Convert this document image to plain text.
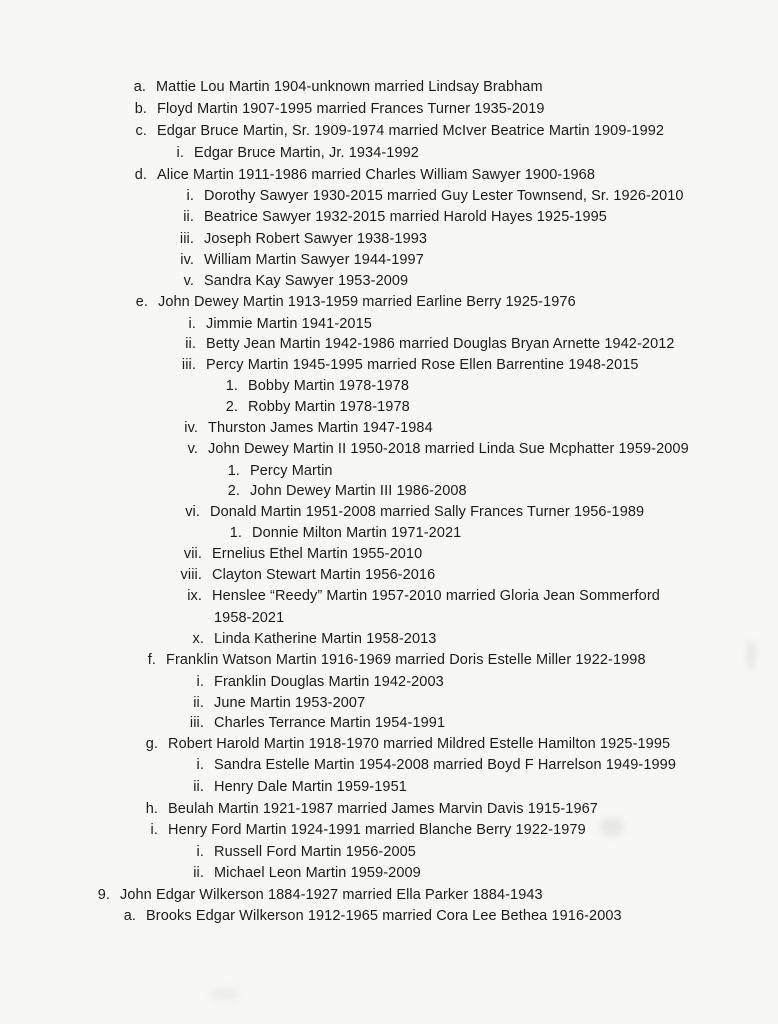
a. Mattie Lou Martin 1904-unknown married Lindsay Brabham
b. Floyd Martin 1907-1995 married Frances Turner 1935-2019
c. Edgar Bruce Martin, Sr. 1909-1974 married McIver Beatrice Martin 1909-1992
i. Edgar Bruce Martin, Jr. 1934-1992
d. Alice Martin 1911-1986 married Charles William Sawyer 1900-1968
i. Dorothy Sawyer 1930-2015 married Guy Lester Townsend, Sr. 1926-2010
ii. Beatrice Sawyer 1932-2015 married Harold Hayes 1925-1995
iii. Joseph Robert Sawyer 1938-1993
iv. William Martin Sawyer 1944-1997
v. Sandra Kay Sawyer 1953-2009
e. John Dewey Martin 1913-1959 married Earline Berry 1925-1976
i. Jimmie Martin 1941-2015
ii. Betty Jean Martin 1942-1986 married Douglas Bryan Arnette 1942-2012
iii. Percy Martin 1945-1995 married Rose Ellen Barrentine 1948-2015
1. Bobby Martin 1978-1978
2. Robby Martin 1978-1978
iv. Thurston James Martin 1947-1984
v. John Dewey Martin II 1950-2018 married Linda Sue Mcphatter 1959-2009
1. Percy Martin
2. John Dewey Martin III 1986-2008
vi. Donald Martin 1951-2008 married Sally Frances Turner 1956-1989
1. Donnie Milton Martin 1971-2021
vii. Ernelius Ethel Martin 1955-2010
viii. Clayton Stewart Martin 1956-2016
ix. Henslee “Reedy” Martin 1957-2010 married Gloria Jean Sommerford
1958-2021
x. Linda Katherine Martin 1958-2013
f. Franklin Watson Martin 1916-1969 married Doris Estelle Miller 1922-1998
i. Franklin Douglas Martin 1942-2003
ii. June Martin 1953-2007
iii. Charles Terrance Martin 1954-1991
g. Robert Harold Martin 1918-1970 married Mildred Estelle Hamilton 1925-1995
i. Sandra Estelle Martin 1954-2008 married Boyd F Harrelson 1949-1999
ii. Henry Dale Martin 1959-1951
h. Beulah Martin 1921-1987 married James Marvin Davis 1915-1967
i. Henry Ford Martin 1924-1991 married Blanche Berry 1922-1979
i. Russell Ford Martin 1956-2005
ii. Michael Leon Martin 1959-2009
9. John Edgar Wilkerson 1884-1927 married Ella Parker 1884-1943
a. Brooks Edgar Wilkerson 1912-1965 married Cora Lee Bethea 1916-2003
